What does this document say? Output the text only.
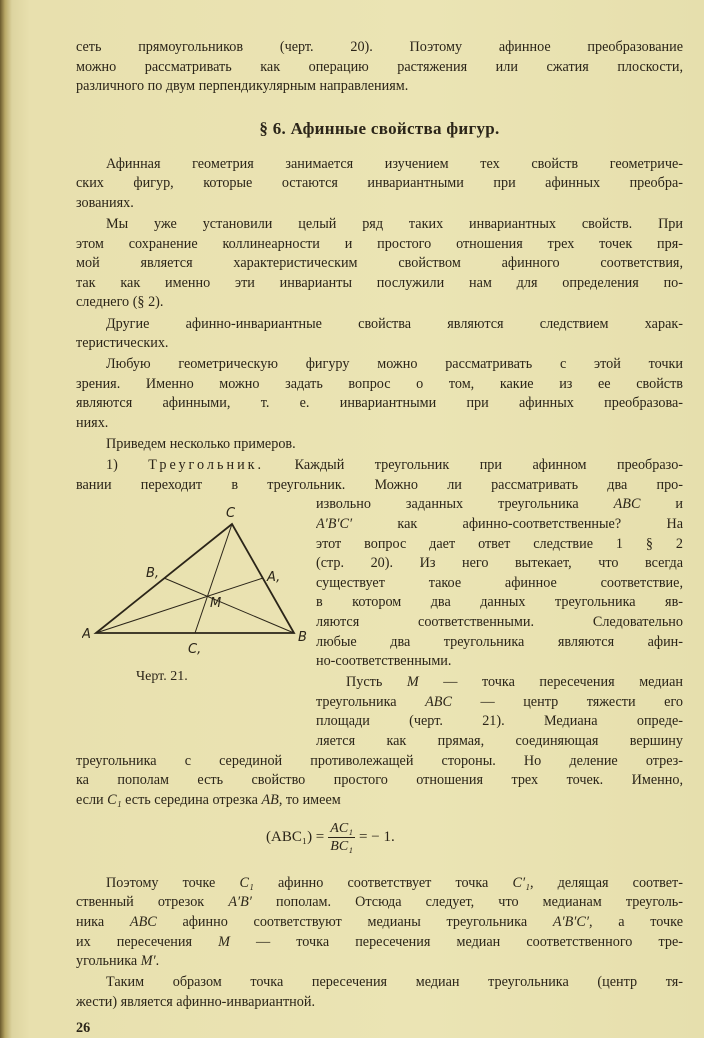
сеть прямоугольников (черт. 20). Поэтому афинное преобразование
можно рассматривать как операцию растяжения или сжатия плоскости,
различного по двум перпендикулярным направлениям.
§ 6. Афинные свойства фигур.
Афинная геометрия занимается изучением тех свойств геометриче-
ских фигур, которые остаются инвариантными при афинных преобра-
зованиях.
Мы уже установили целый ряд таких инвариантных свойств. При
этом сохранение коллинеарности и простого отношения трех точек пря-
мой является характеристическим свойством афинного соответствия,
так как именно эти инварианты послужили нам для определения по-
следнего (§ 2).
Другие афинно-инвариантные свойства являются следствием харак-
теристических.
Любую геометрическую фигуру можно рассматривать с этой точки
зрения. Именно можно задать вопрос о том, какие из ее свойств
являются афинными, т. е. инвариантными при афинных преобразова-
ниях.
Приведем несколько примеров.
1) Треугольник. Каждый треугольник при афинном преобразо-
вании переходит в треугольник. Можно ли рассматривать два про-
A	B
C
A,
B,
C,
M
Черт. 21.
извольно заданных треугольника ABC и
A′B′C′ как афинно-соответственные? На
этот вопрос дает ответ следствие 1 § 2
(стр. 20). Из него вытекает, что всегда
существует такое афинное соответствие,
в котором два данных треугольника яв-
ляются соответственными. Следовательно
любые два треугольника являются афин-
но-соответственными.
Пусть M — точка пересечения медиан
треугольника ABC — центр тяжести его
площади (черт. 21). Медиана опреде-
ляется как прямая, соединяющая вершину
треугольника с серединой противолежащей стороны. Но деление отрез-
ка пополам есть свойство простого отношения трех точек. Именно,
если C₁ есть середина отрезка AB, то имеем
$(ABC_1) = \frac{\text{AC₁}}{\text{BC₁}}$ = − 1.
Поэтому точке C₁ афинно соответствует точка C′₁, делящая соответ-
ственный отрезок A′B′ пополам. Отсюда следует, что медианам треуголь-
ника ABC афинно соответствуют медианы треугольника A′B′C′, а точке
их пересечения M — точка пересечения медиан соответственного тре-
угольника M′.
Таким образом точка пересечения медиан треугольника (центр тя-
жести) является афинно-инвариантной.
26
